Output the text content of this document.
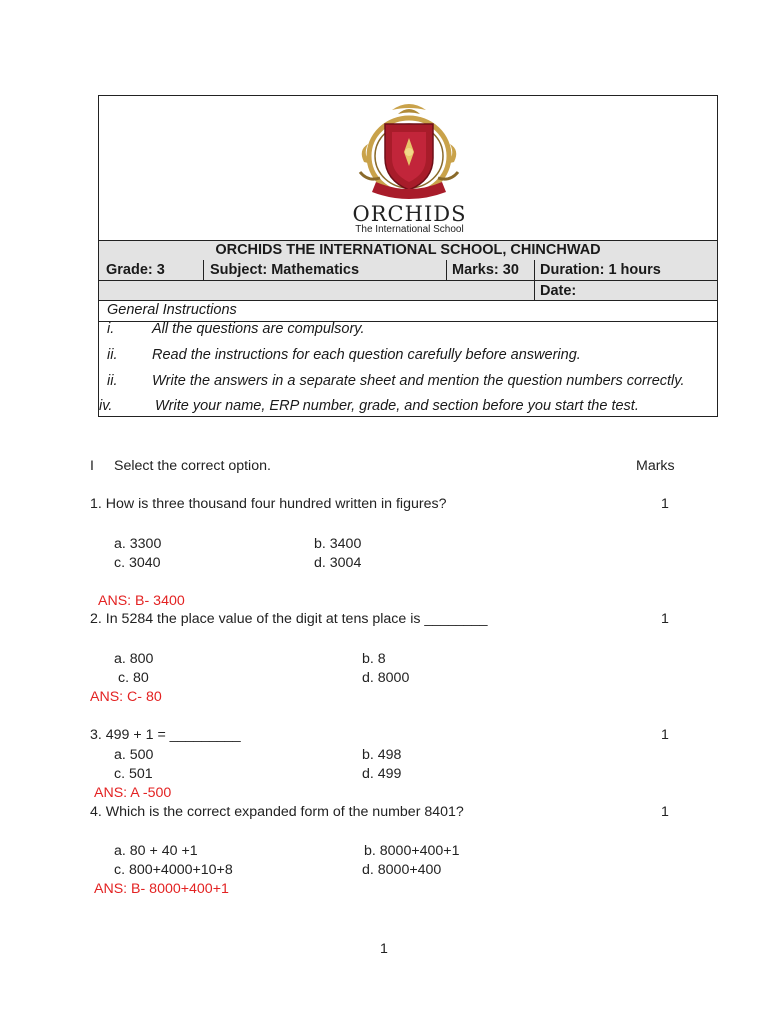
ORCHIDS
The International School
ORCHIDS THE INTERNATIONAL SCHOOL, CHINCHWAD
Grade: 3	Subject: Mathematics	Marks: 30 Duration: 1 hours
Date:
General Instructions
i.	All the questions are compulsory.
ii. Read the instructions for each question carefully before answering.
ii. Write the answers in a separate sheet and mention the question numbers correctly.
iv.	Write your name, ERP number, grade, and section before you start the test.
I Select the correct option.	Marks
1. How is three thousand four hundred written in figures?	1
a. 3300	b. 3400
c. 3040	d. 3004
ANS: B- 3400
2. In 5284 the place value of the digit at tens place is ________	1
a. 800	b. 8
c. 80	d. 8000
ANS: C- 80
3. 499 + 1 = _________	1
a. 500	b. 498
c. 501	d. 499
ANS: A -500
4. Which is the correct expanded form of the number 8401?	1
a. 80 + 40 +1	b. 8000+400+1
c. 800+4000+10+8	d. 8000+400
ANS: B- 8000+400+1
1
